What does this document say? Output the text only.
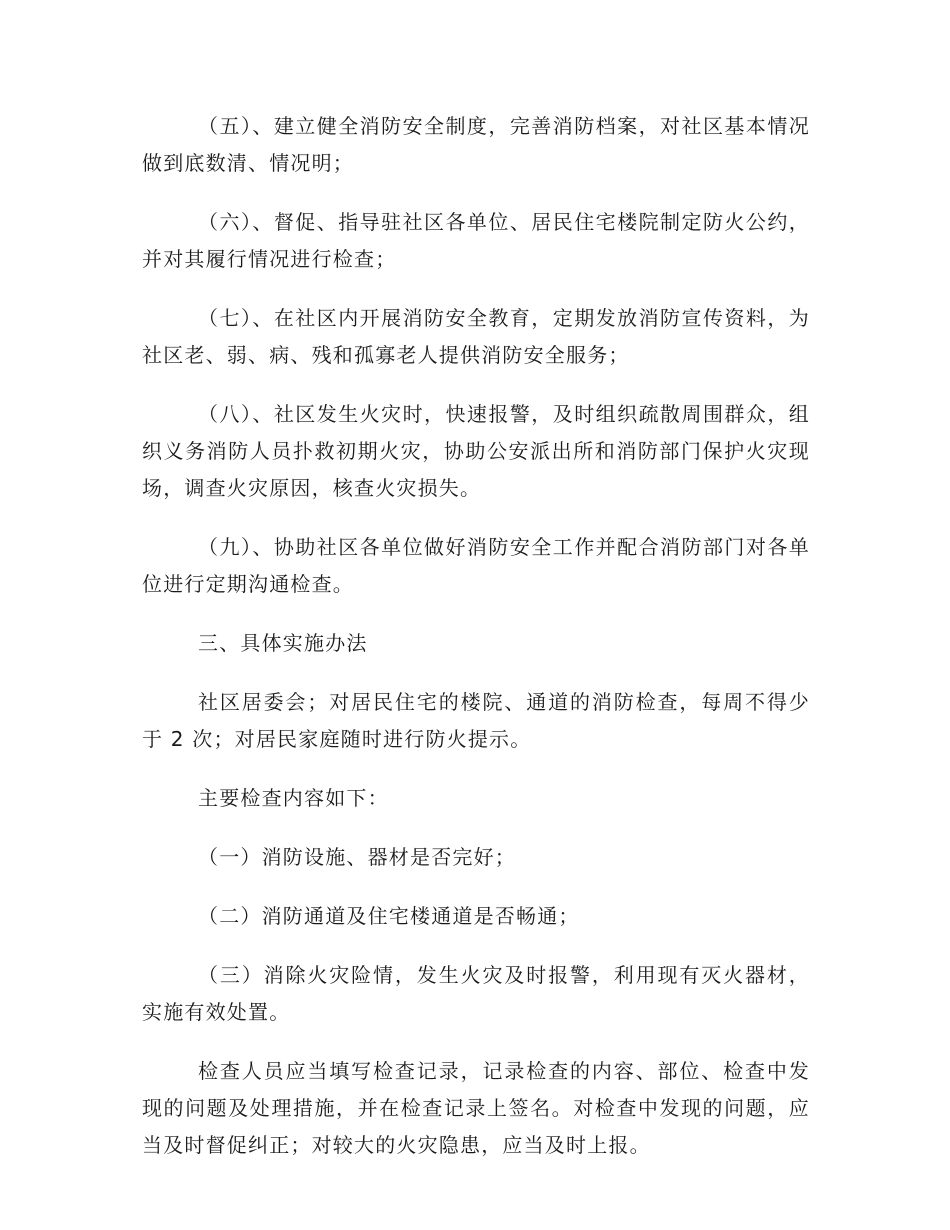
（五）、建立健全消防安全制度，完善消防档案，对社区基本情况做到底数清、情况明；

（六）、督促、指导驻社区各单位、居民住宅楼院制定防火公约，并对其履行情况进行检查；

（七）、在社区内开展消防安全教育，定期发放消防宣传资料，为社区老、弱、病、残和孤寡老人提供消防安全服务；

（八）、社区发生火灾时，快速报警，及时组织疏散周围群众，组织义务消防人员扑救初期火灾，协助公安派出所和消防部门保护火灾现场，调查火灾原因，核查火灾损失。

（九）、协助社区各单位做好消防安全工作并配合消防部门对各单位进行定期沟通检查。

三、具体实施办法

社区居委会；对居民住宅的楼院、通道的消防检查，每周不得少于 2 次；对居民家庭随时进行防火提示。

主要检查内容如下：

（一）消防设施、器材是否完好；

（二）消防通道及住宅楼通道是否畅通；

（三）消除火灾险情，发生火灾及时报警，利用现有灭火器材，实施有效处置。

检查人员应当填写检查记录，记录检查的内容、部位、检查中发现的问题及处理措施，并在检查记录上签名。对检查中发现的问题，应当及时督促纠正；对较大的火灾隐患，应当及时上报。
